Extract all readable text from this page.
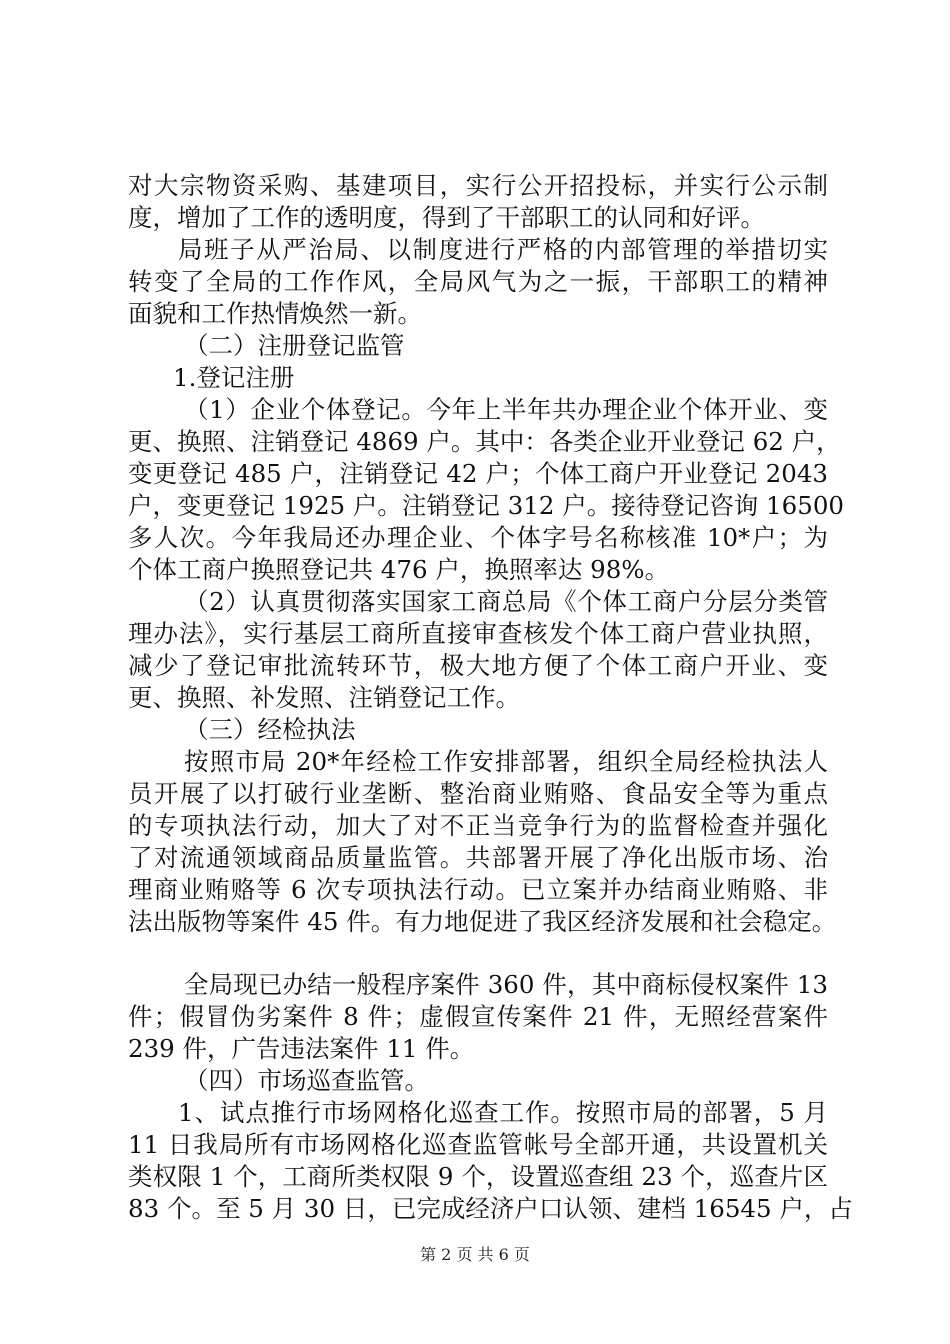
对大宗物资采购、基建项目，实行公开招投标，并实行公示制
度，增加了工作的透明度，得到了干部职工的认同和好评。
局班子从严治局、以制度进行严格的内部管理的举措切实
转变了全局的工作作风，全局风气为之一振，干部职工的精神
面貌和工作热情焕然一新。
（二）注册登记监管
1.登记注册
（1）企业个体登记。今年上半年共办理企业个体开业、变
更、换照、注销登记 4869 户。其中：各类企业开业登记 62 户，
变更登记 485 户，注销登记 42 户；个体工商户开业登记 2043
户，变更登记 1925 户。注销登记 312 户。接待登记咨询 16500
多人次。今年我局还办理企业、个体字号名称核准 10*户；为
个体工商户换照登记共 476 户，换照率达 98%。
（2）认真贯彻落实国家工商总局《个体工商户分层分类管
理办法》，实行基层工商所直接审查核发个体工商户营业执照，
减少了登记审批流转环节，极大地方便了个体工商户开业、变
更、换照、补发照、注销登记工作。
（三）经检执法
按照市局 20*年经检工作安排部署，组织全局经检执法人
员开展了以打破行业垄断、整治商业贿赂、食品安全等为重点
的专项执法行动，加大了对不正当竞争行为的监督检查并强化
了对流通领域商品质量监管。共部署开展了净化出版市场、治
理商业贿赂等 6 次专项执法行动。已立案并办结商业贿赂、非
法出版物等案件 45 件。有力地促进了我区经济发展和社会稳定。
全局现已办结一般程序案件 360 件，其中商标侵权案件 13
件；假冒伪劣案件 8 件；虚假宣传案件 21 件，无照经营案件
239 件，广告违法案件 11 件。
（四）市场巡查监管。
1、试点推行市场网格化巡查工作。按照市局的部署，5 月
11 日我局所有市场网格化巡查监管帐号全部开通，共设置机关
类权限 1 个，工商所类权限 9 个，设置巡查组 23 个，巡查片区
83 个。至 5 月 30 日，已完成经济户口认领、建档 16545 户，占
第 2 页 共 6 页
